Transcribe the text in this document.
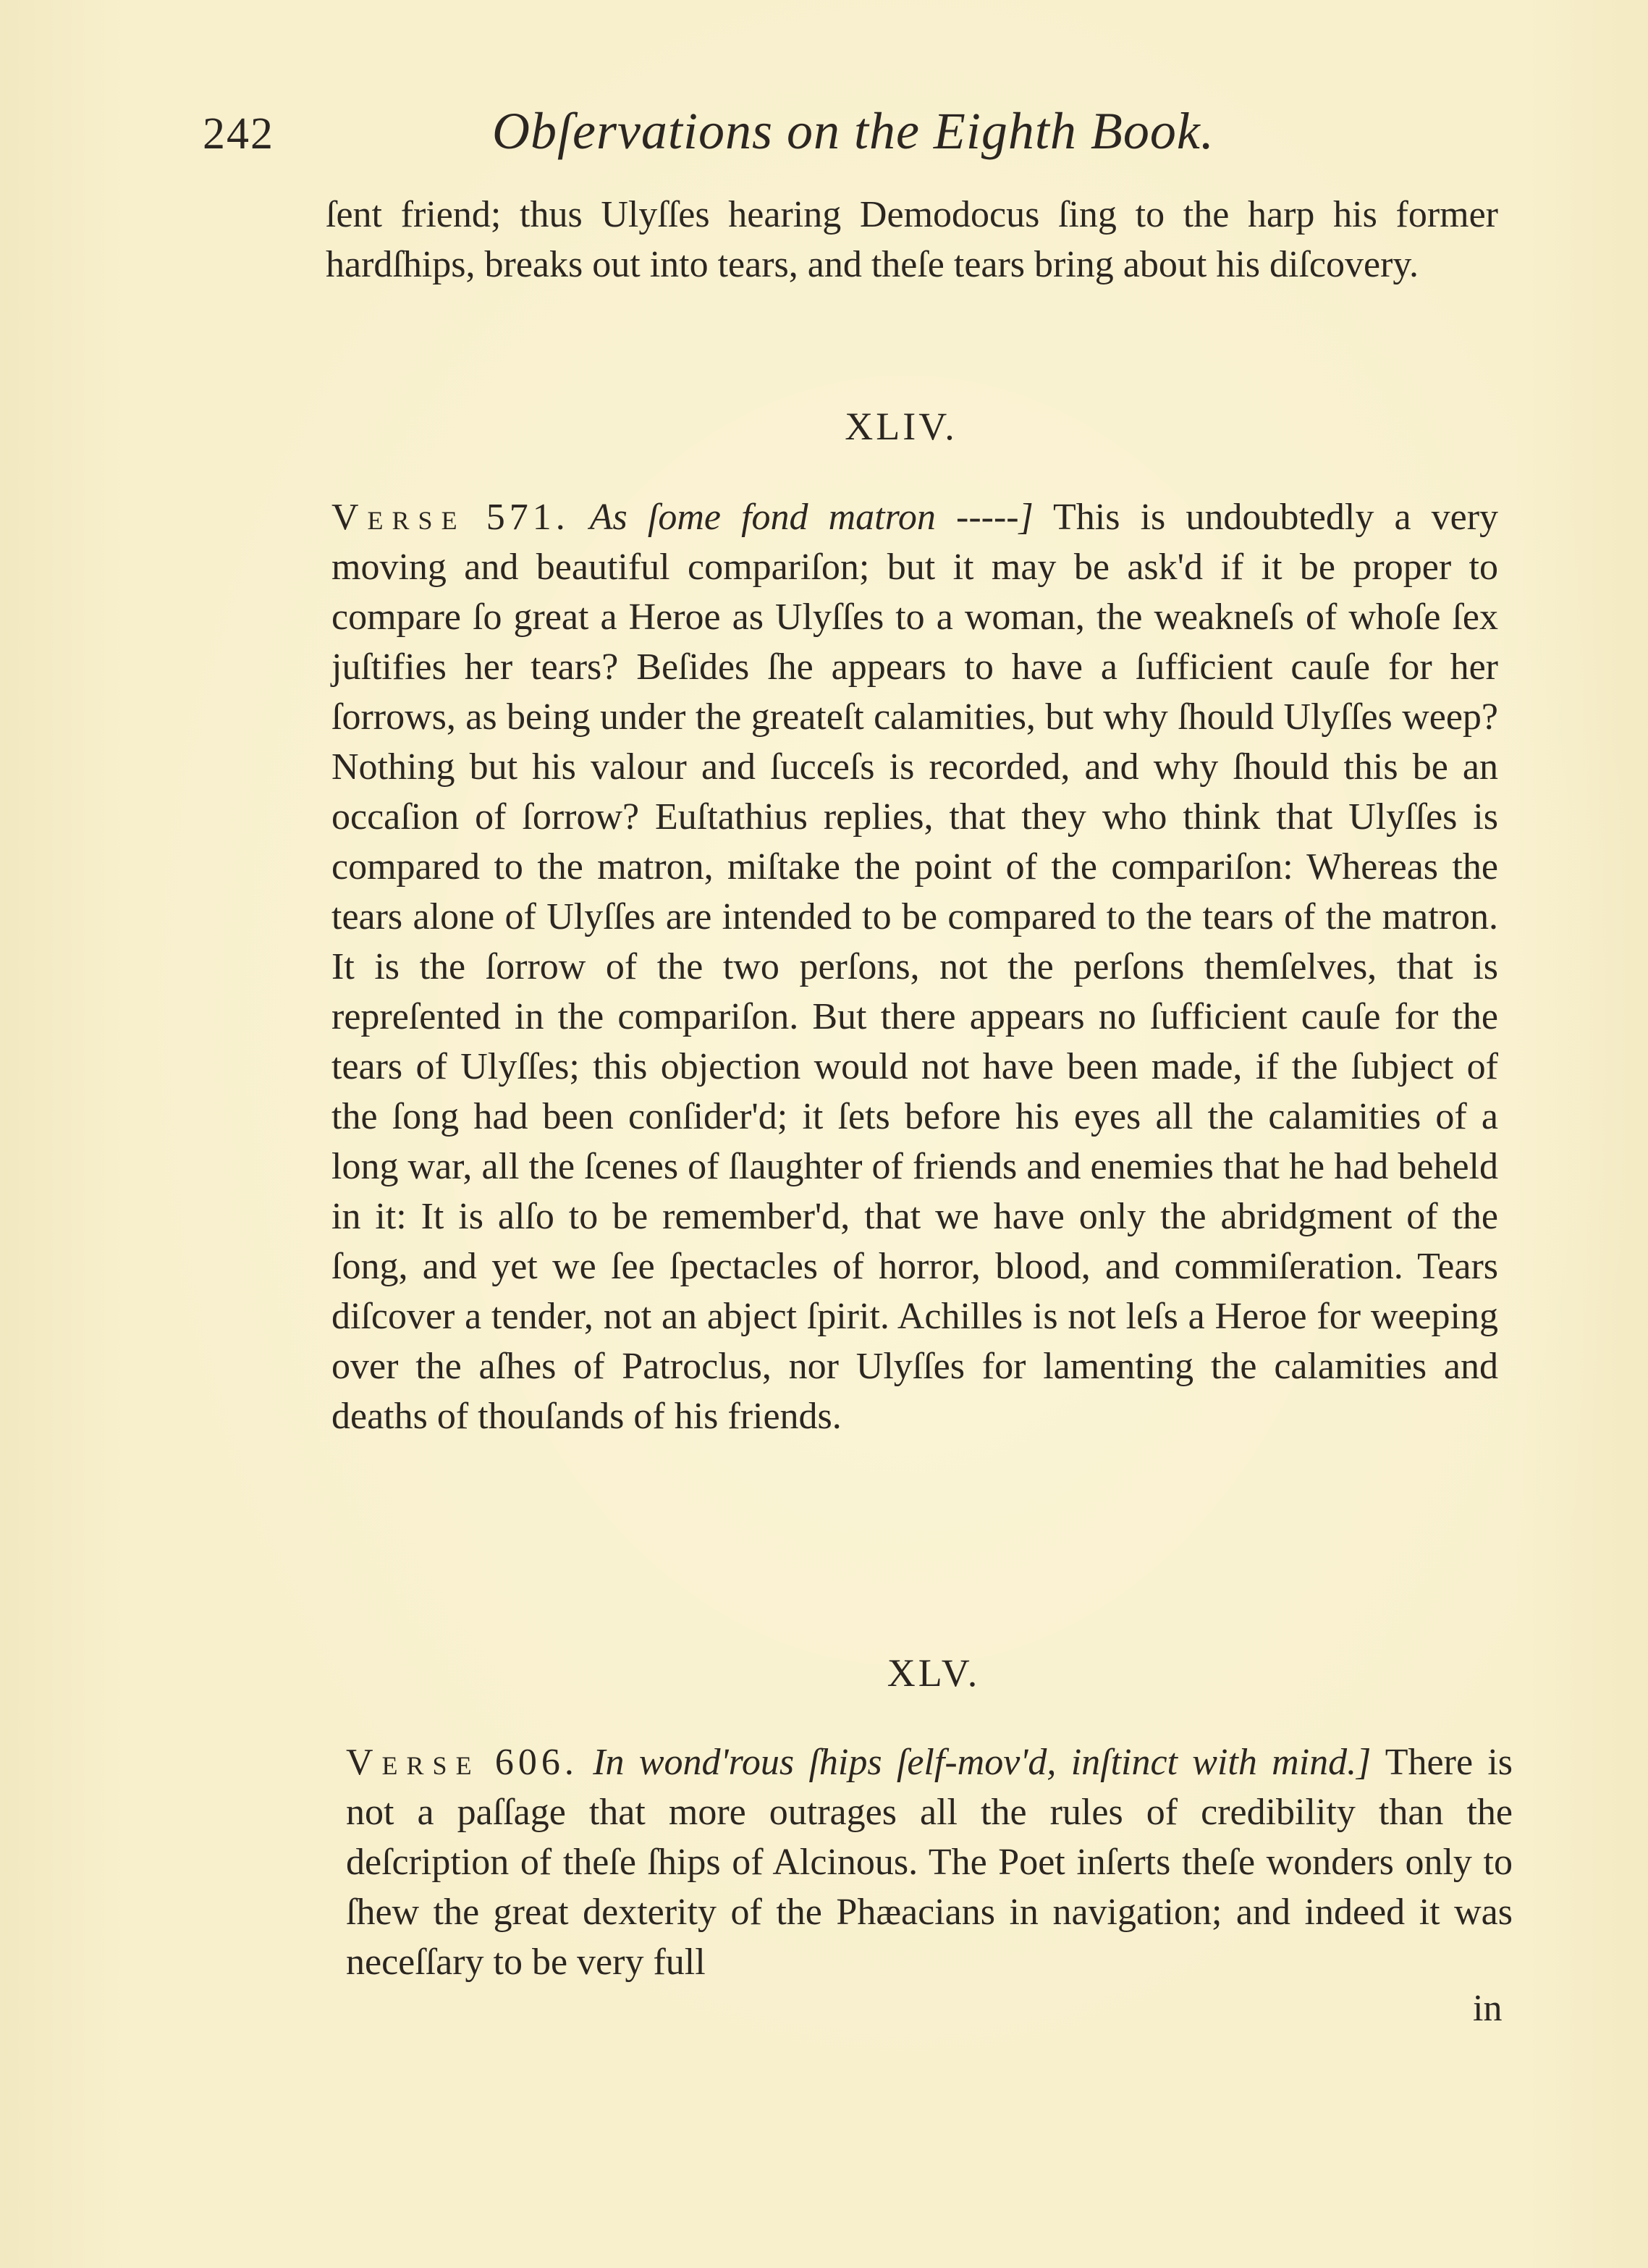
242	Obſervations on the Eighth Book.

ſent friend; thus Ulyſſes hearing Demodocus ſing to the harp his former hardſhips, breaks out into tears, and theſe tears bring about his diſcovery.

XLIV.

Verse 571. As ſome fond matron -----] This is undoubtedly a very moving and beautiful compariſon; but it may be ask'd if it be proper to compare ſo great a Heroe as Ulyſſes to a woman, the weakneſs of whoſe ſex juſtifies her tears? Beſides ſhe appears to have a ſufficient cauſe for her ſorrows, as being under the greateſt calamities, but why ſhould Ulyſſes weep? Nothing but his valour and ſucceſs is recorded, and why ſhould this be an occaſion of ſorrow? Euſtathius replies, that they who think that Ulyſſes is compared to the matron, miſtake the point of the compariſon: Whereas the tears alone of Ulyſſes are intended to be compared to the tears of the matron. It is the ſorrow of the two perſons, not the perſons themſelves, that is repreſented in the compariſon. But there appears no ſufficient cauſe for the tears of Ulyſſes; this objection would not have been made, if the ſubject of the ſong had been conſider'd; it ſets before his eyes all the calamities of a long war, all the ſcenes of ſlaughter of friends and enemies that he had beheld in it: It is alſo to be remember'd, that we have only the abridgment of the ſong, and yet we ſee ſpectacles of horror, blood, and commiſeration. Tears diſcover a tender, not an abject ſpirit. Achilles is not leſs a Heroe for weeping over the aſhes of Patroclus, nor Ulyſſes for lamenting the calamities and deaths of thouſands of his friends.

XLV.

Verse 606. In wond'rous ſhips ſelf-mov'd, inſtinct with mind.] There is not a paſſage that more outrages all the rules of credibility than the deſcription of theſe ſhips of Alcinous. The Poet inſerts theſe wonders only to ſhew the great dexterity of the Phæacians in navigation; and indeed it was neceſſary to be very full

in
